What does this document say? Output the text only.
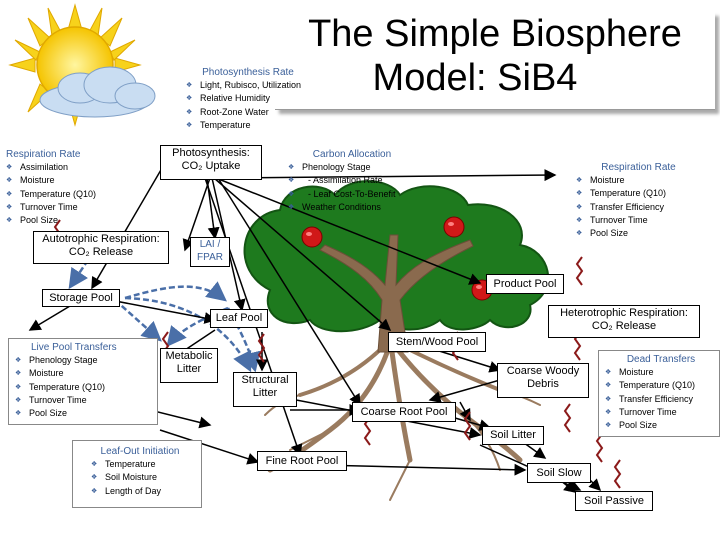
The Simple Biosphere
Model: SiB4
Photosynthesis Rate
❖ Light, Rubisco, Utilization
❖ Relative Humidity
❖ Root-Zone Water
❖ Temperature
Respiration Rate
❖ Assimilation
❖ Moisture
❖ Temperature (Q10)
❖ Turnover Time
❖ Pool Size
Photosynthesis:
CO₂ Uptake
Carbon Allocation
❖ Phenology Stage
❖ - Assimilation Rate
❖ - Leaf Cost-To-Benefit
❖ Weather Conditions
Respiration Rate
❖ Moisture
❖ Temperature (Q10)
❖ Transfer Efficiency
❖ Turnover Time
❖ Pool Size
Autotrophic Respiration:
CO₂ Release
LAI /
FPAR
Product Pool
Storage Pool
Leaf Pool	Heterotrophic Respiration:
CO₂ Release
Live Pool Transfers
❖ Phenology Stage
❖ Moisture
❖ Temperature (Q10)
❖ Turnover Time
❖ Pool Size
Metabolic
Litter
Structural
Litter
Stem/Wood Pool
Coarse Woody
Debris
Dead Transfers
❖ Moisture
❖ Temperature (Q10)
❖ Transfer Efficiency
❖ Turnover Time
❖ Pool Size
Coarse Root Pool
Soil Litter
Leaf-Out Initiation
❖ Temperature
❖ Soil Moisture
❖ Length of Day
Fine Root Pool
Soil Slow
Soil Passive
